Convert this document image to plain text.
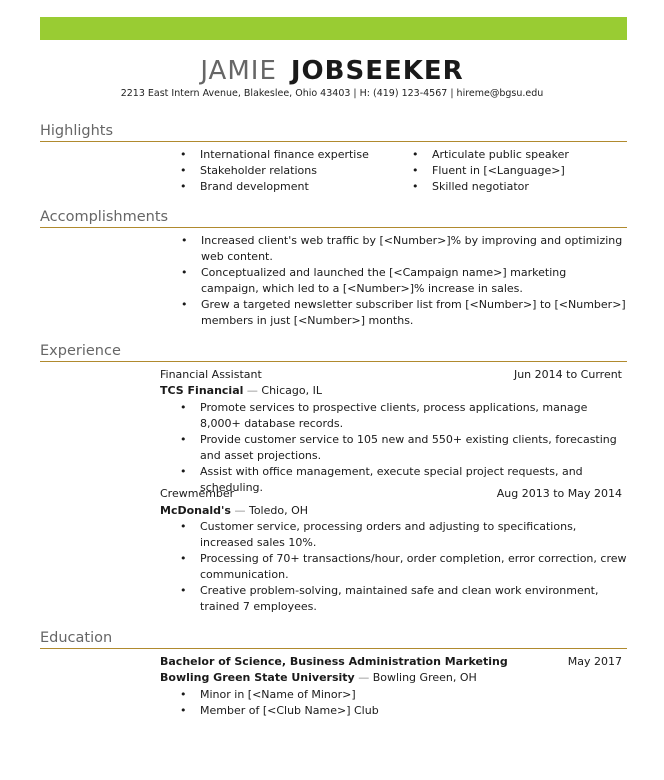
JAMIE JOBSEEKER
2213 East Intern Avenue, Blakeslee, Ohio 43403 | H: (419) 123-4567 | hireme@bgsu.edu
Highlights
• International finance expertise
• Stakeholder relations
• Brand development
• Articulate public speaker
• Fluent in [<Language>]
• Skilled negotiator
Accomplishments
• Increased client's web traffic by [<Number>]% by improving and optimizing web content.
• Conceptualized and launched the [<Campaign name>] marketing campaign, which led to a [<Number>]% increase in sales.
• Grew a targeted newsletter subscriber list from [<Number>] to [<Number>] members in just [<Number>] months.
Experience
Financial Assistant	Jun 2014 to Current
TCS Financial — Chicago, IL
• Promote services to prospective clients, process applications, manage 8,000+ database records.
• Provide customer service to 105 new and 550+ existing clients, forecasting and asset projections.
• Assist with office management, execute special project requests, and scheduling.
Crewmember	Aug 2013 to May 2014
McDonald's — Toledo, OH
• Customer service, processing orders and adjusting to specifications, increased sales 10%.
• Processing of 70+ transactions/hour, order completion, error correction, crew communication.
• Creative problem-solving, maintained safe and clean work environment, trained 7 employees.
Education
Bachelor of Science, Business Administration Marketing	May 2017
Bowling Green State University — Bowling Green, OH
• Minor in [<Name of Minor>]
• Member of [<Club Name>] Club
